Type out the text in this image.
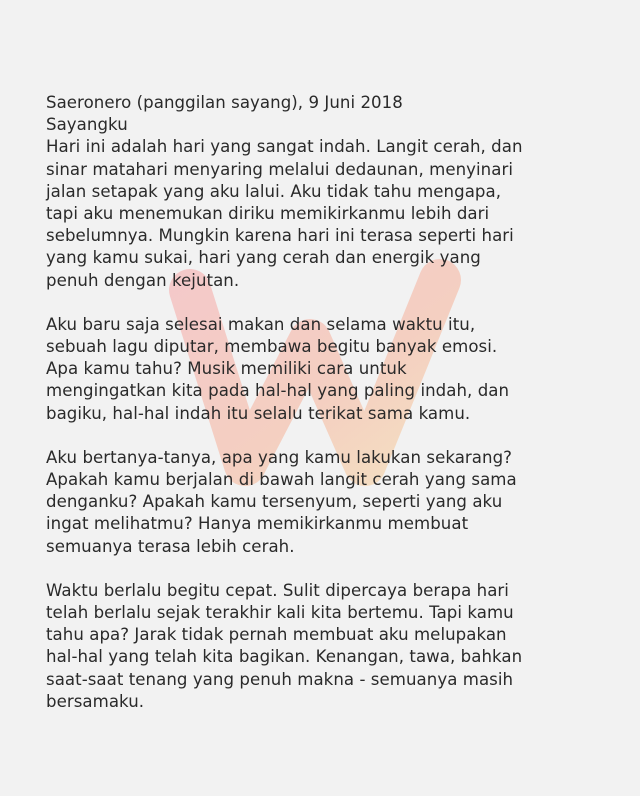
Saeronero (panggilan sayang), 9 Juni 2018
Sayangku
Hari ini adalah hari yang sangat indah. Langit cerah, dan
sinar matahari menyaring melalui dedaunan, menyinari
jalan setapak yang aku lalui. Aku tidak tahu mengapa,
tapi aku menemukan diriku memikirkanmu lebih dari
sebelumnya. Mungkin karena hari ini terasa seperti hari
yang kamu sukai, hari yang cerah dan energik yang
penuh dengan kejutan.
Aku baru saja selesai makan dan selama waktu itu,
sebuah lagu diputar, membawa begitu banyak emosi.
Apa kamu tahu? Musik memiliki cara untuk
mengingatkan kita pada hal-hal yang paling indah, dan
bagiku, hal-hal indah itu selalu terikat sama kamu.
Aku bertanya-tanya, apa yang kamu lakukan sekarang?
Apakah kamu berjalan di bawah langit cerah yang sama
denganku? Apakah kamu tersenyum, seperti yang aku
ingat melihatmu? Hanya memikirkanmu membuat
semuanya terasa lebih cerah.
Waktu berlalu begitu cepat. Sulit dipercaya berapa hari
telah berlalu sejak terakhir kali kita bertemu. Tapi kamu
tahu apa? Jarak tidak pernah membuat aku melupakan
hal-hal yang telah kita bagikan. Kenangan, tawa, bahkan
saat-saat tenang yang penuh makna - semuanya masih
bersamaku.
